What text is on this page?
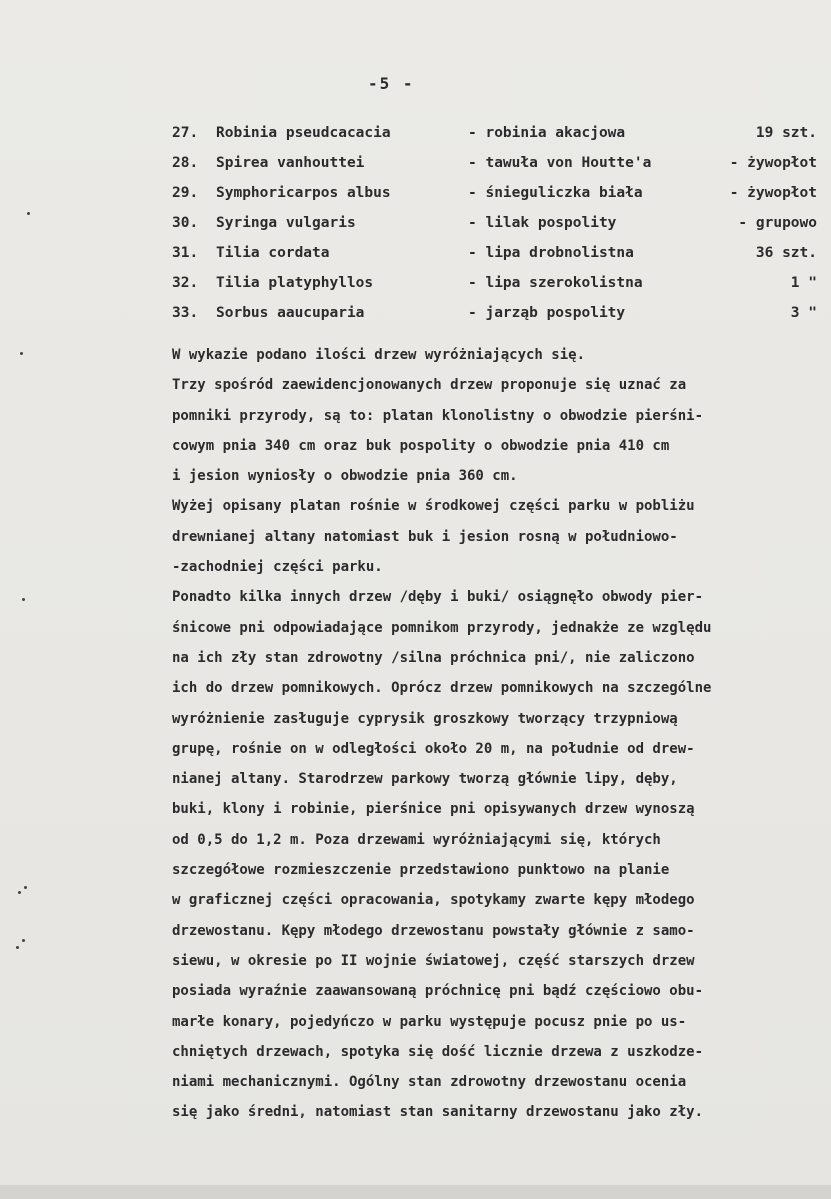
-5 -
27. Robinia pseudcacacia	- robinia akacjowa	19 szt.
28. Spirea vanhouttei	- tawuła von Houtte'a	- żywopłot
29. Symphoricarpos albus	- śnieguliczka biała	- żywopłot
30. Syringa vulgaris	- lilak pospolity	- grupowo
31. Tilia cordata	- lipa drobnolistna	36 szt.
32. Tilia platyphyllos	- lipa szerokolistna	1 "
33. Sorbus aaucuparia	- jarząb pospolity	3 "
W wykazie podano ilości drzew wyróżniających się.
Trzy spośród zaewidencjonowanych drzew proponuje się uznać za
pomniki przyrody, są to: platan klonolistny o obwodzie pierśni-
cowym pnia 340 cm oraz buk pospolity o obwodzie pnia 410 cm
i jesion wyniosły o obwodzie pnia 360 cm.
Wyżej opisany platan rośnie w środkowej części parku w pobliżu
drewnianej altany natomiast buk i jesion rosną w południowo-
-zachodniej części parku.
Ponadto kilka innych drzew /dęby i buki/ osiągnęło obwody pier-
śnicowe pni odpowiadające pomnikom przyrody, jednakże ze względu
na ich zły stan zdrowotny /silna próchnica pni/, nie zaliczono
ich do drzew pomnikowych. Oprócz drzew pomnikowych na szczególne
wyróżnienie zasługuje cyprysik groszkowy tworzący trzypniową
grupę, rośnie on w odległości około 20 m, na południe od drew-
nianej altany. Starodrzew parkowy tworzą głównie lipy, dęby,
buki, klony i robinie, pierśnice pni opisywanych drzew wynoszą
od 0,5 do 1,2 m. Poza drzewami wyróżniającymi się, których
szczegółowe rozmieszczenie przedstawiono punktowo na planie
w graficznej części opracowania, spotykamy zwarte kępy młodego
drzewostanu. Kępy młodego drzewostanu powstały głównie z samo-
siewu, w okresie po II wojnie światowej, część starszych drzew
posiada wyraźnie zaawansowaną próchnicę pni bądź częściowo obu-
marłe konary, pojedyńczo w parku występuje pocusz pnie po us-
chniętych drzewach, spotyka się dość licznie drzewa z uszkodze-
niami mechanicznymi. Ogólny stan zdrowotny drzewostanu ocenia
się jako średni, natomiast stan sanitarny drzewostanu jako zły.
